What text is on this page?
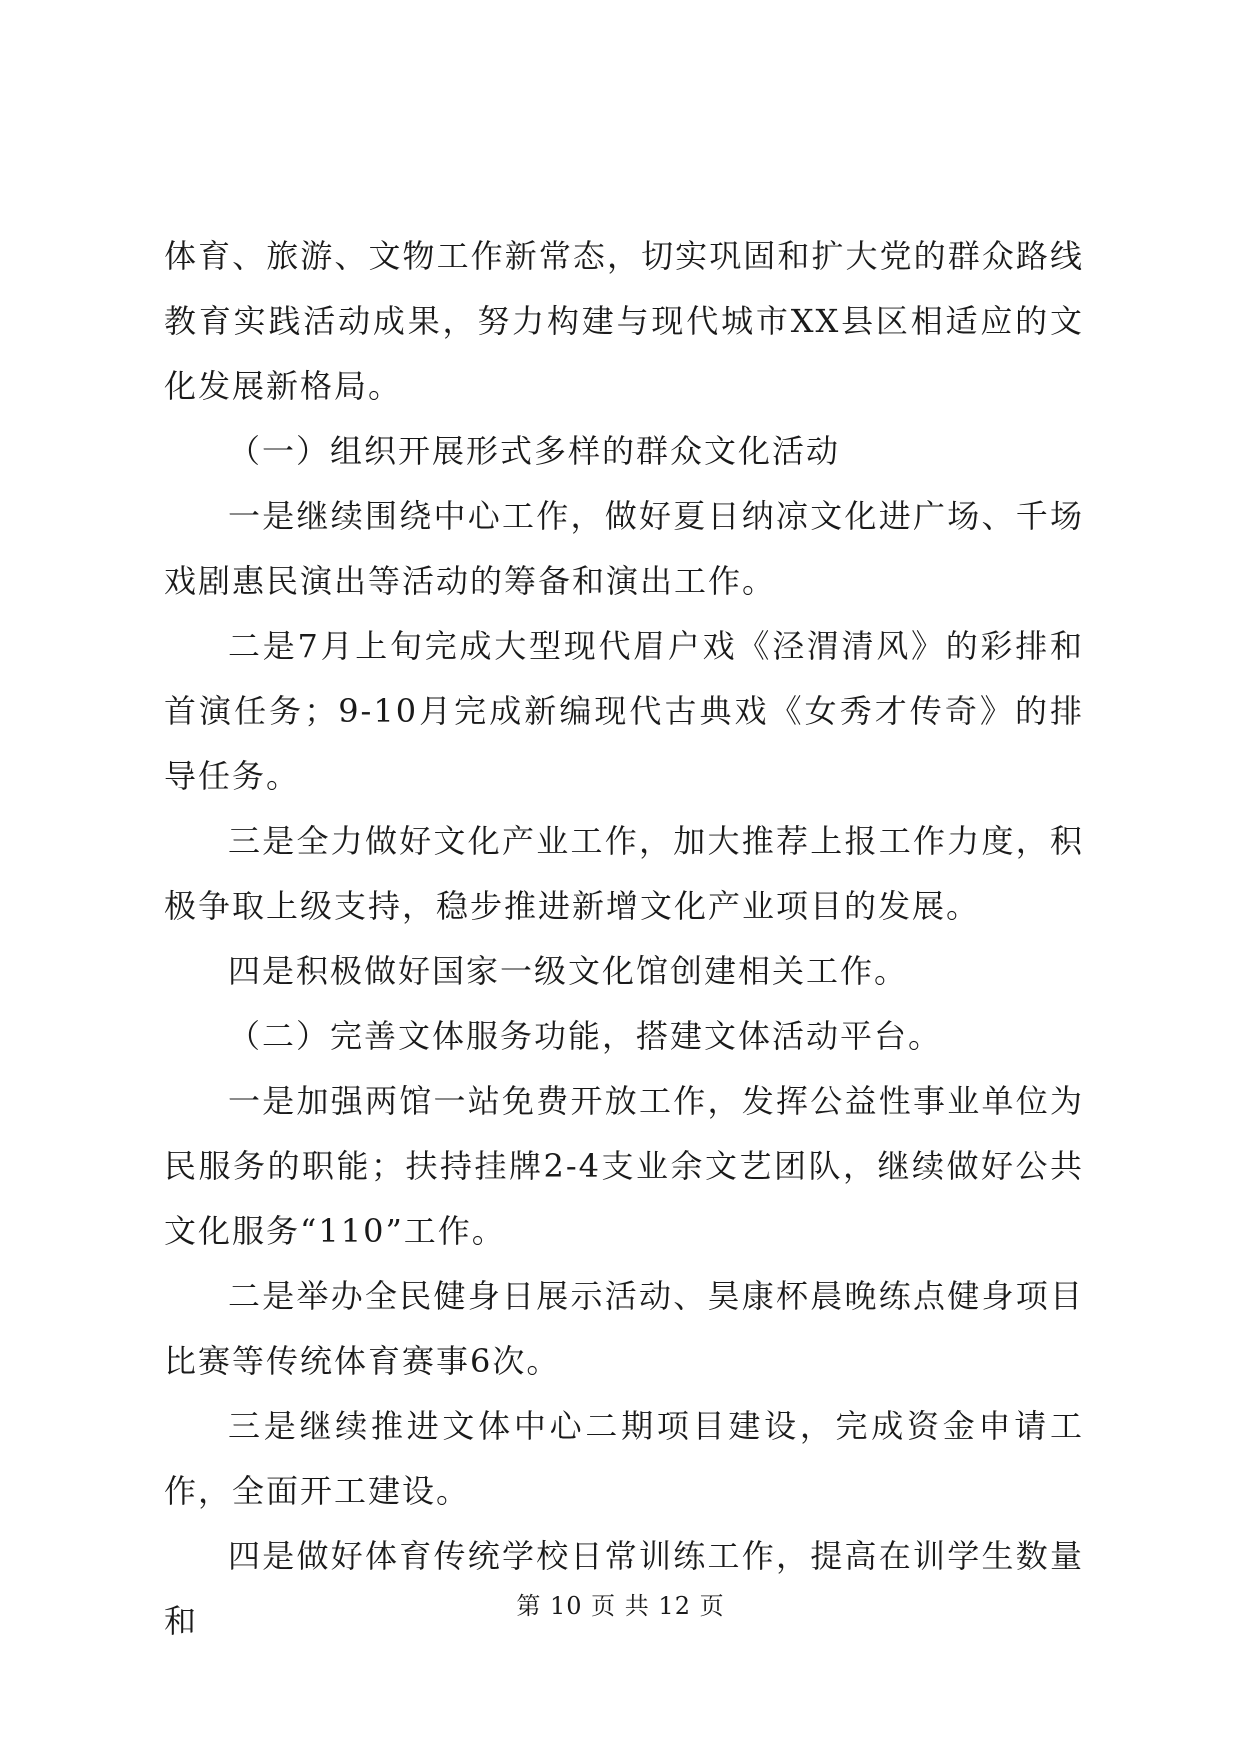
体育、旅游、文物工作新常态，切实巩固和扩大党的群众路线教育实践活动成果，努力构建与现代城市XX县区相适应的文化发展新格局。

（一）组织开展形式多样的群众文化活动

一是继续围绕中心工作，做好夏日纳凉文化进广场、千场戏剧惠民演出等活动的筹备和演出工作。

二是7月上旬完成大型现代眉户戏《泾渭清风》的彩排和首演任务；9-10月完成新编现代古典戏《女秀才传奇》的排导任务。

三是全力做好文化产业工作，加大推荐上报工作力度，积极争取上级支持，稳步推进新增文化产业项目的发展。

四是积极做好国家一级文化馆创建相关工作。

（二）完善文体服务功能，搭建文体活动平台。

一是加强两馆一站免费开放工作，发挥公益性事业单位为民服务的职能；扶持挂牌2-4支业余文艺团队，继续做好公共文化服务“110”工作。

二是举办全民健身日展示活动、昊康杯晨晚练点健身项目比赛等传统体育赛事6次。

三是继续推进文体中心二期项目建设，完成资金申请工作，全面开工建设。

四是做好体育传统学校日常训练工作，提高在训学生数量和	第 10 页 共 12 页
